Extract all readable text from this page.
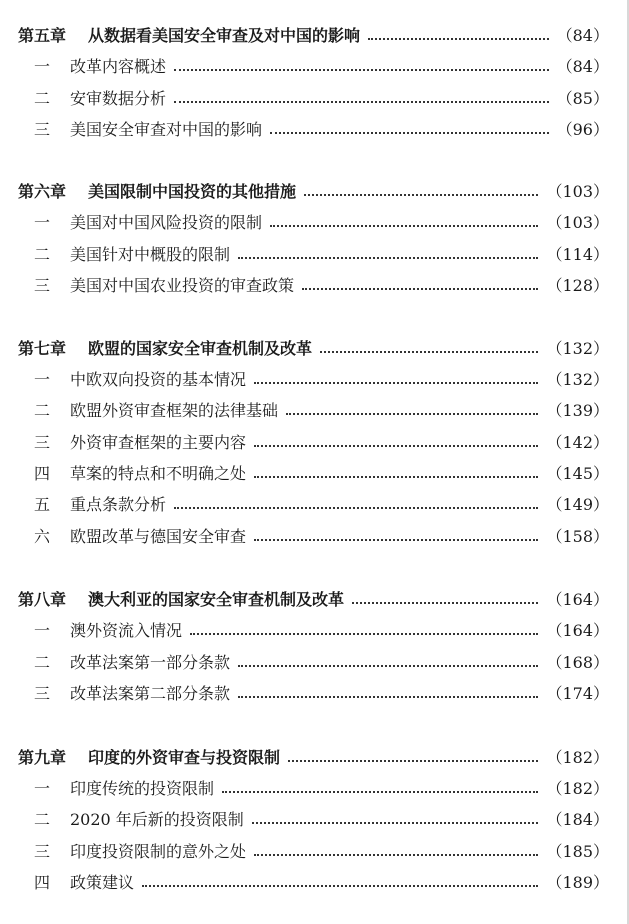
第五章	从数据看美国安全审查及对中国的影响	（84）
一	改革内容概述	（84）
二	安审数据分析	（85）
三	美国安全审查对中国的影响	（96）
第六章	美国限制中国投资的其他措施	（103）
一	美国对中国风险投资的限制	（103）
二	美国针对中概股的限制	（114）
三	美国对中国农业投资的审查政策	（128）
第七章	欧盟的国家安全审查机制及改革	（132）
一	中欧双向投资的基本情况	（132）
二	欧盟外资审查框架的法律基础	（139）
三	外资审查框架的主要内容	（142）
四	草案的特点和不明确之处	（145）
五	重点条款分析	（149）
六	欧盟改革与德国安全审查	（158）
第八章	澳大利亚的国家安全审查机制及改革	（164）
一	澳外资流入情况	（164）
二	改革法案第一部分条款	（168）
三	改革法案第二部分条款	（174）
第九章	印度的外资审查与投资限制	（182）
一	印度传统的投资限制	（182）
二	2020 年后新的投资限制	（184）
三	印度投资限制的意外之处	（185）
四	政策建议	（189）
